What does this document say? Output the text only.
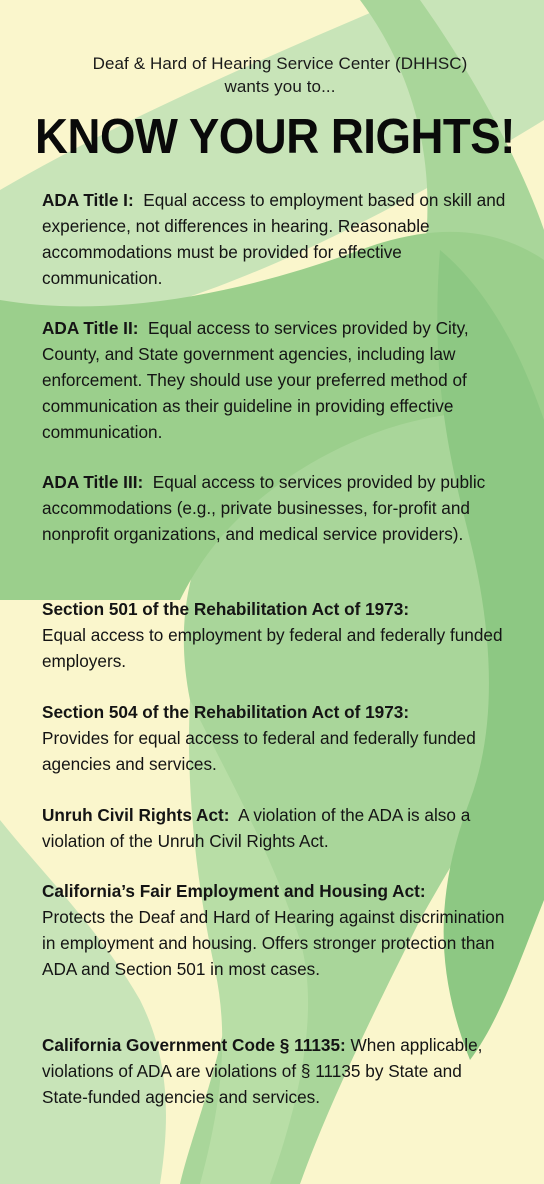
Deaf & Hard of Hearing Service Center (DHHSC)
wants you to...
KNOW YOUR RIGHTS!
ADA Title I: Equal access to employment based on skill and experience, not differences in hearing. Reasonable accommodations must be provided for effective communication.
ADA Title II: Equal access to services provided by City, County, and State government agencies, including law enforcement. They should use your preferred method of communication as their guideline in providing effective communication.
ADA Title III: Equal access to services provided by public accommodations (e.g., private businesses, for-profit and nonprofit organizations, and medical service providers).
Section 501 of the Rehabilitation Act of 1973:
Equal access to employment by federal and federally funded employers.
Section 504 of the Rehabilitation Act of 1973:
Provides for equal access to federal and federally funded agencies and services.
Unruh Civil Rights Act: A violation of the ADA is also a violation of the Unruh Civil Rights Act.
California’s Fair Employment and Housing Act:
Protects the Deaf and Hard of Hearing against discrimination in employment and housing. Offers stronger protection than ADA and Section 501 in most cases.
California Government Code § 11135: When applicable, violations of ADA are violations of § 11135 by State and State-funded agencies and services.
